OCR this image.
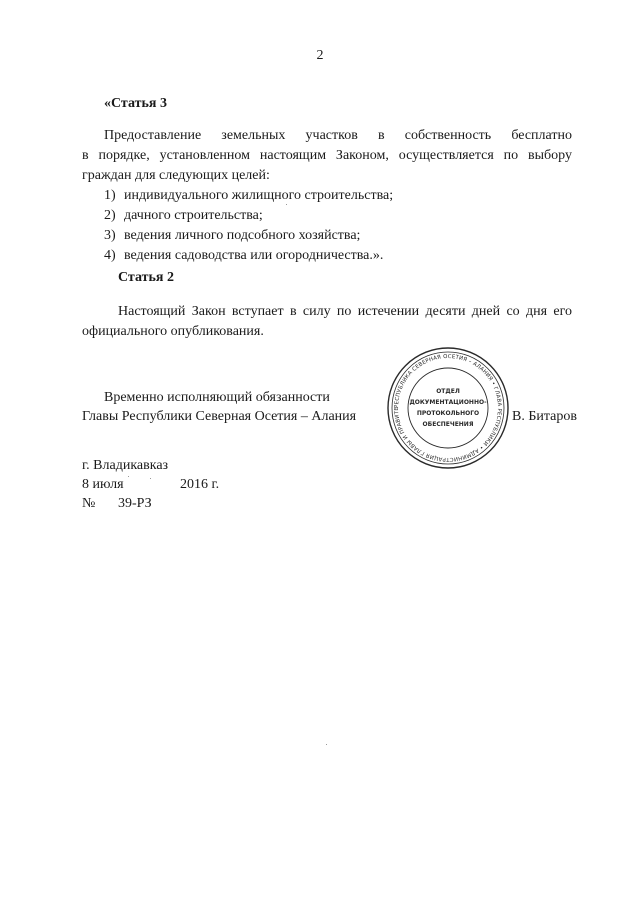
2
«Статья 3
Предоставление земельных участков в собственность бесплатно
в порядке, установленном настоящим Законом, осуществляется по выбору
граждан для следующих целей:
1) индивидуального жилищного строительства;
2) дачного строительства;
3) ведения личного подсобного хозяйства;
4) ведения садоводства или огородничества.».
Статья 2
Настоящий Закон вступает в силу по истечении десяти дней со дня его
официального опубликования.
Временно исполняющий обязанности
Главы Республики Северная Осетия – Алания	В. Битаров
РЕСПУБЛИКА СЕВЕРНАЯ ОСЕТИЯ – АЛАНИЯ • ГЛАВА РЕСПУБЛИКИ • АДМИНИСТРАЦИЯ ГЛАВЫ И ПРАВИТЕ
ОТДЕЛ
ДОКУМЕНТАЦИОННО-
ПРОТОКОЛЬНОГО
ОБЕСПЕЧЕНИЯ
г. Владикавказ
8 июля	2016 г.
№ 39-РЗ
